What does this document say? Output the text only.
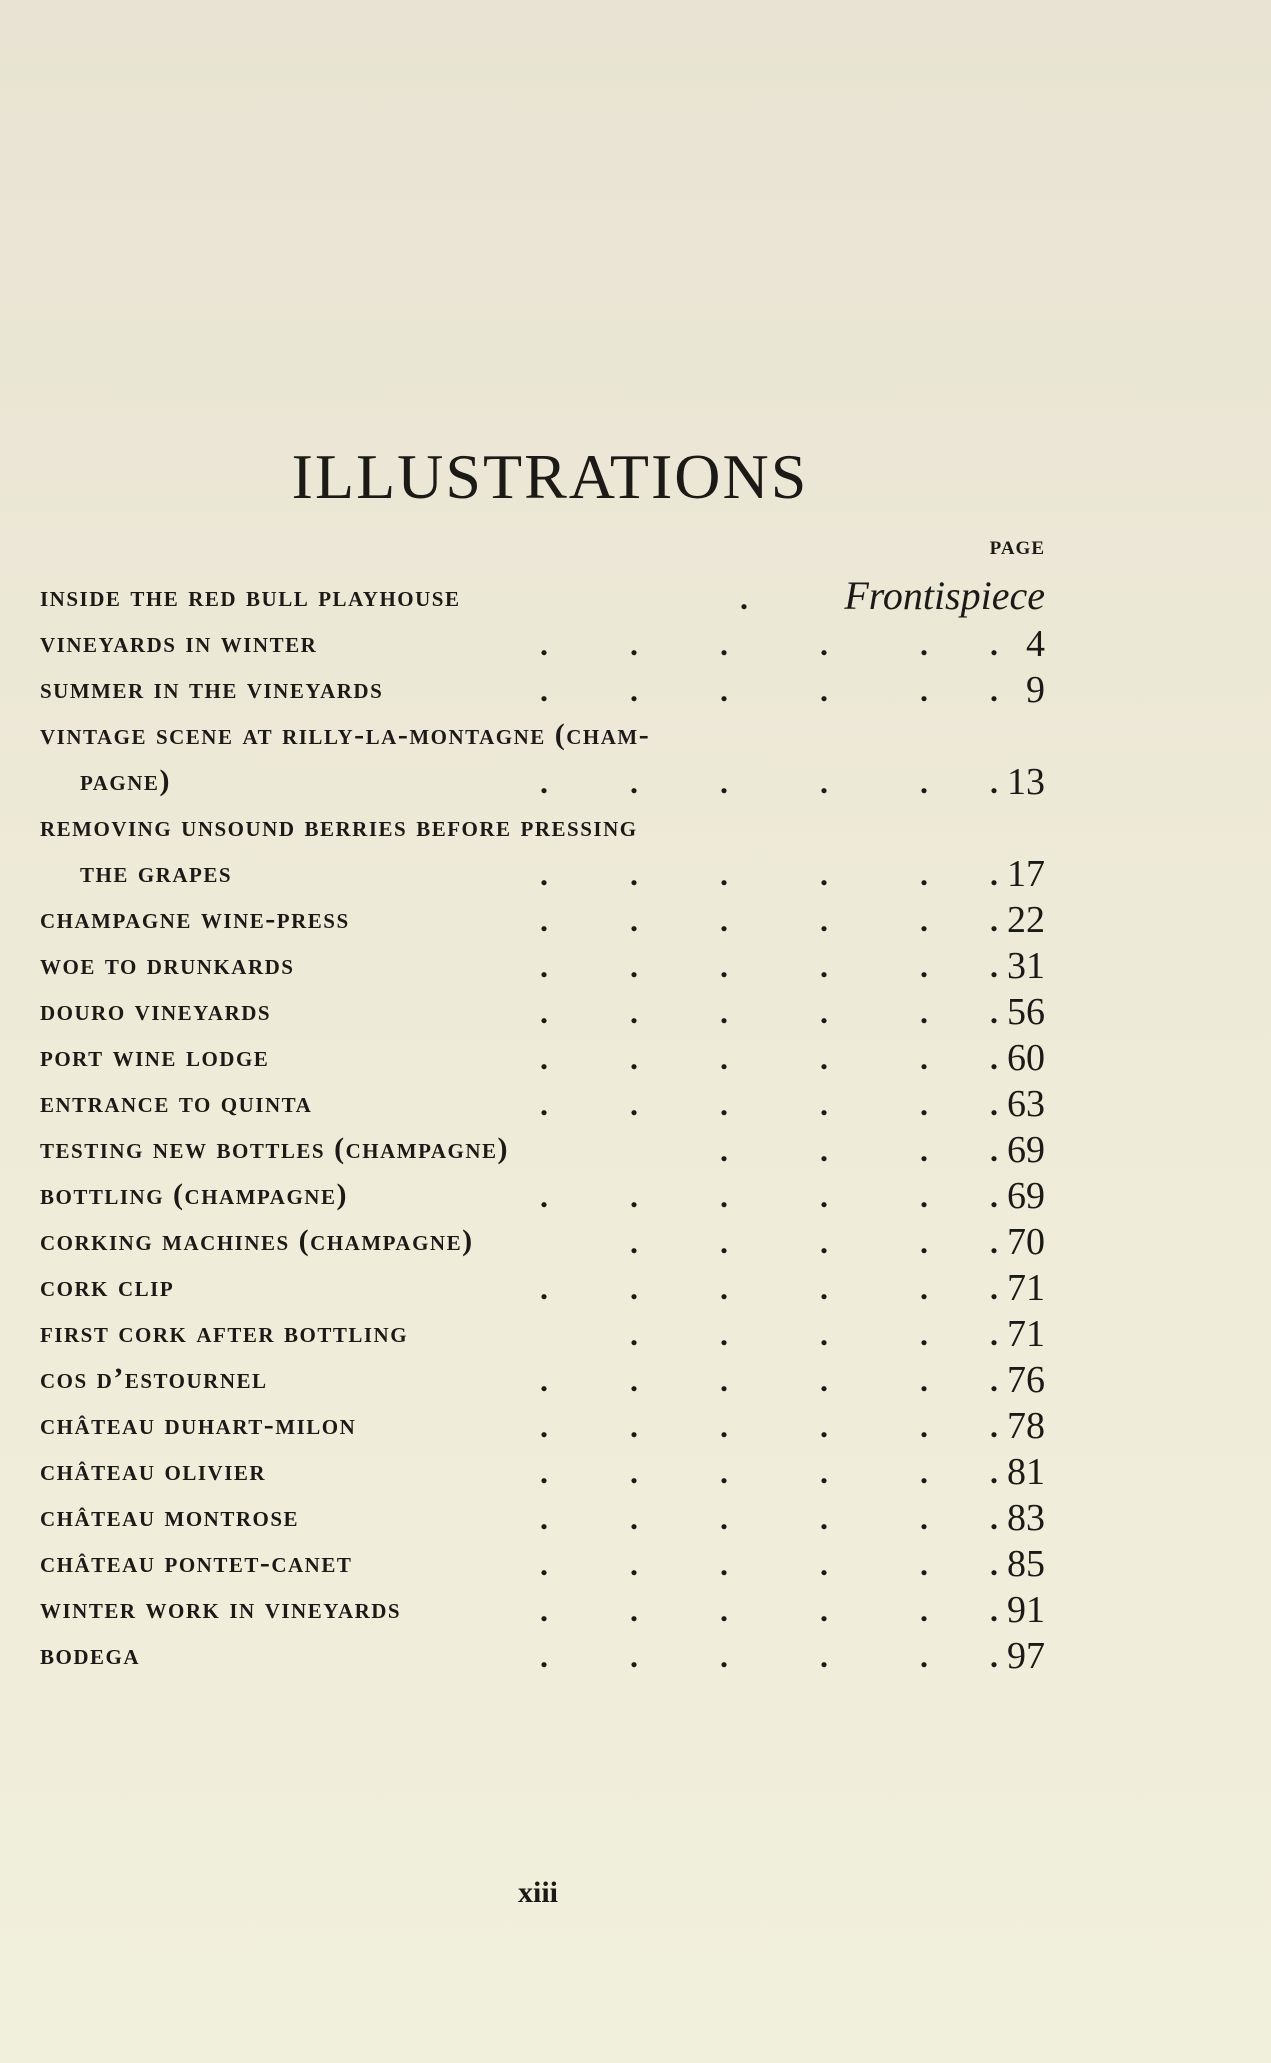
ILLUSTRATIONS
PAGE
inside the red bull playhouse	. Frontispiece
vineyards in winter	.	.	.	.	. . 4
summer in the vineyards	.	.	.	.	. . 9
vintage scene at rilly-la-montagne (cham-
pagne)	.	.	.	.	. . 13
removing unsound berries before pressing
the grapes	.	.	.	.	. . 17
champagne wine-press	.	.	.	.	. . 22
woe to drunkards	.	.	.	.	. . 31
douro vineyards	.	.	.	.	. . 56
port wine lodge	.	.	.	.	. . 60
entrance to quinta	.	.	.	.	. . 63
testing new bottles (champagne)	.	.	. . 69
bottling (champagne)	.	.	.	.	. . 69
corking machines (champagne)	.	.	.	. . 70
cork clip	.	.	.	.	. . 71
first cork after bottling	.	.	.	. . 71
cos d’estournel	.	.	.	.	. . 76
château duhart-milon	.	.	.	.	. . 78
château olivier	.	.	.	.	. . 81
château montrose	.	.	.	.	. . 83
château pontet-canet	.	.	.	.	. . 85
winter work in vineyards	.	.	.	.	. . 91
bodega	.	.	.	.	. . 97
xiii
